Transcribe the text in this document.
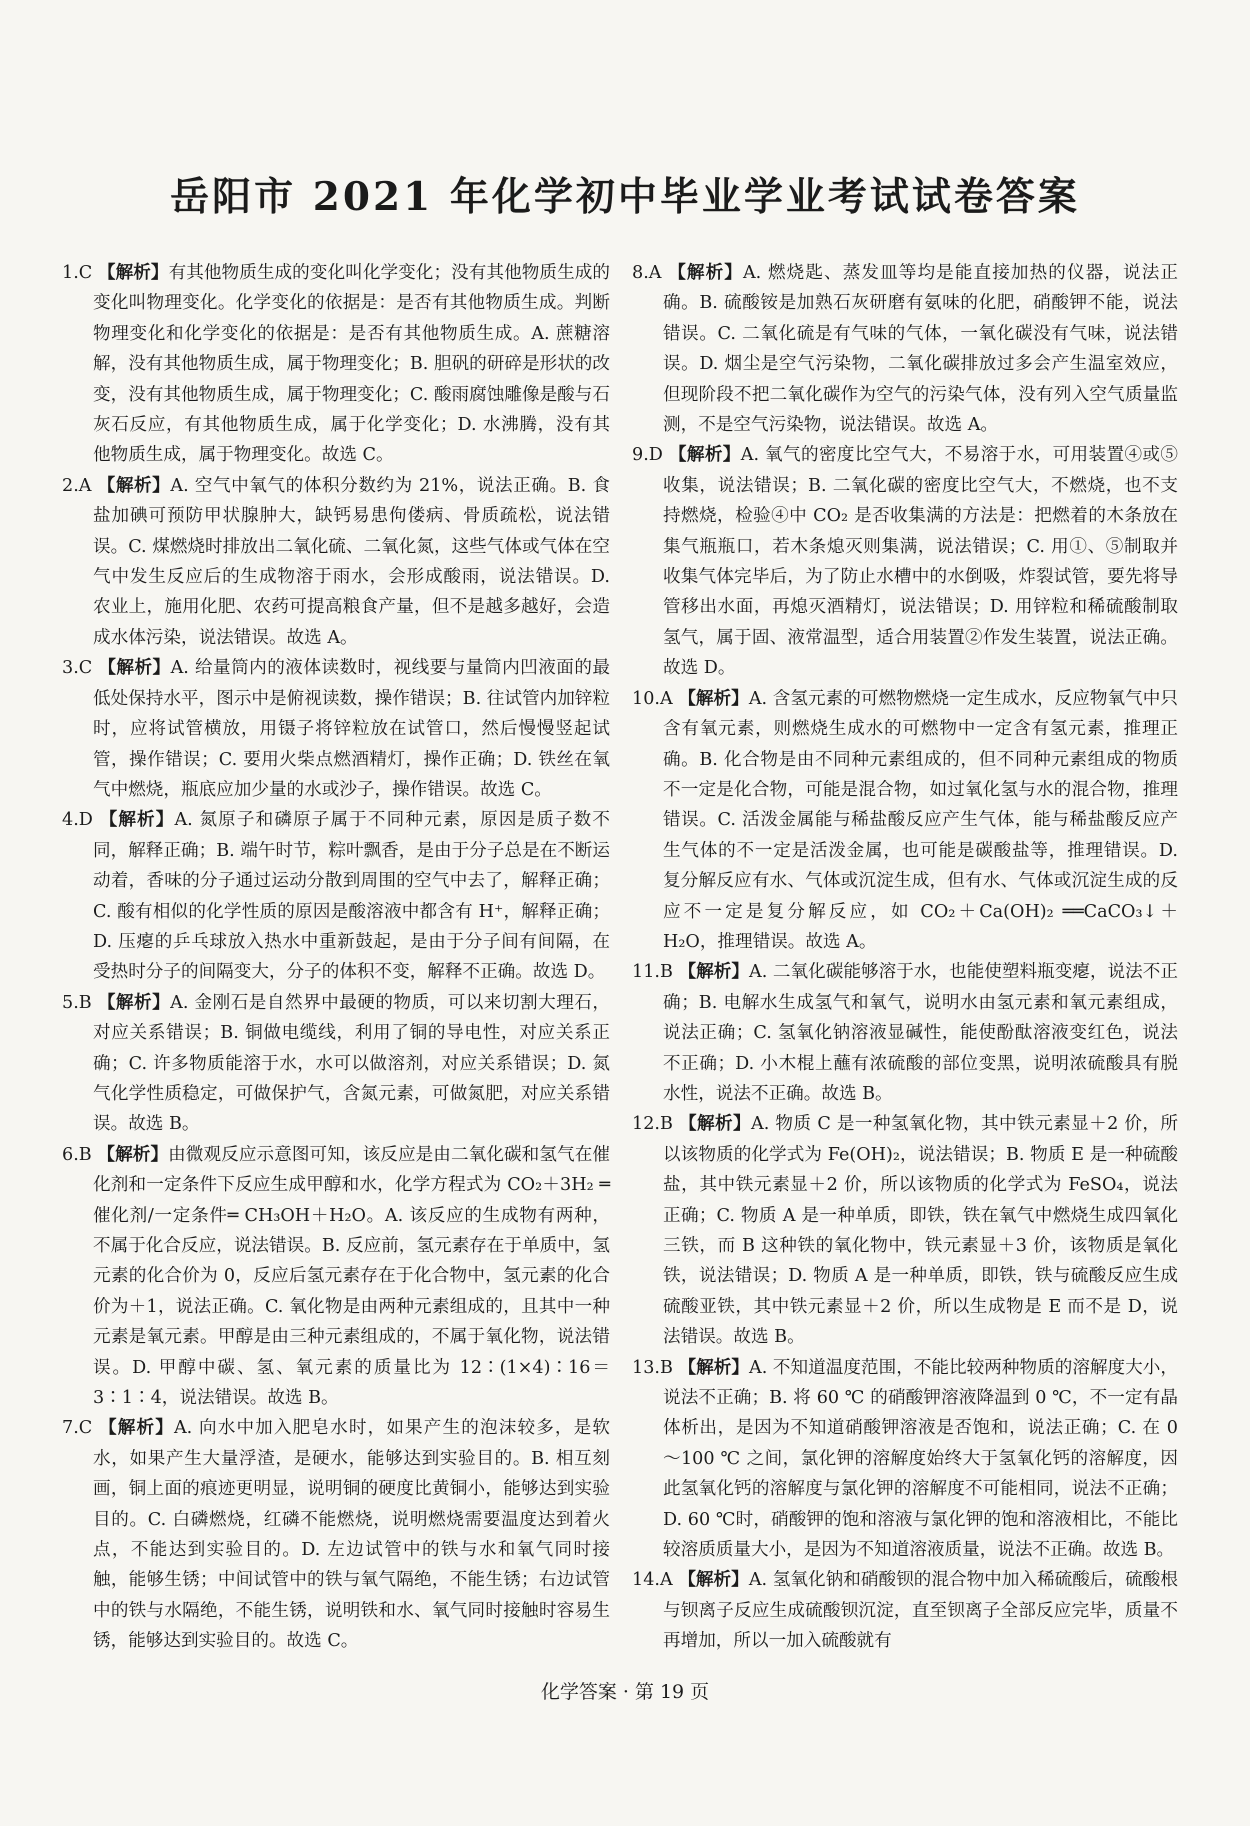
岳阳市 2021 年化学初中毕业学业考试试卷答案

1.C 【解析】有其他物质生成的变化叫化学变化；没有其他物质生成的变化叫物理变化。化学变化的依据是：是否有其他物质生成。判断物理变化和化学变化的依据是：是否有其他物质生成。A. 蔗糖溶解，没有其他物质生成，属于物理变化；B. 胆矾的研碎是形状的改变，没有其他物质生成，属于物理变化；C. 酸雨腐蚀雕像是酸与石灰石反应，有其他物质生成，属于化学变化；D. 水沸腾，没有其他物质生成，属于物理变化。故选 C。

2.A 【解析】A. 空气中氧气的体积分数约为 21%，说法正确。B. 食盐加碘可预防甲状腺肿大，缺钙易患佝偻病、骨质疏松，说法错误。C. 煤燃烧时排放出二氧化硫、二氧化氮，这些气体或气体在空气中发生反应后的生成物溶于雨水，会形成酸雨，说法错误。D. 农业上，施用化肥、农药可提高粮食产量，但不是越多越好，会造成水体污染，说法错误。故选 A。

3.C 【解析】A. 给量筒内的液体读数时，视线要与量筒内凹液面的最低处保持水平，图示中是俯视读数，操作错误；B. 往试管内加锌粒时，应将试管横放，用镊子将锌粒放在试管口，然后慢慢竖起试管，操作错误；C. 要用火柴点燃酒精灯，操作正确；D. 铁丝在氧气中燃烧，瓶底应加少量的水或沙子，操作错误。故选 C。

4.D 【解析】A. 氮原子和磷原子属于不同种元素，原因是质子数不同，解释正确；B. 端午时节，粽叶飘香，是由于分子总是在不断运动着，香味的分子通过运动分散到周围的空气中去了，解释正确；C. 酸有相似的化学性质的原因是酸溶液中都含有 H⁺，解释正确；D. 压瘪的乒乓球放入热水中重新鼓起，是由于分子间有间隔，在受热时分子的间隔变大，分子的体积不变，解释不正确。故选 D。

5.B 【解析】A. 金刚石是自然界中最硬的物质，可以来切割大理石，对应关系错误；B. 铜做电缆线，利用了铜的导电性，对应关系正确；C. 许多物质能溶于水，水可以做溶剂，对应关系错误；D. 氮气化学性质稳定，可做保护气，含氮元素，可做氮肥，对应关系错误。故选 B。

6.B 【解析】由微观反应示意图可知，该反应是由二氧化碳和氢气在催化剂和一定条件下反应生成甲醇和水，化学方程式为 CO₂＋3H₂ ═催化剂/一定条件═ CH₃OH＋H₂O。A. 该反应的生成物有两种，不属于化合反应，说法错误。B. 反应前，氢元素存在于单质中，氢元素的化合价为 0，反应后氢元素存在于化合物中，氢元素的化合价为＋1，说法正确。C. 氧化物是由两种元素组成的，且其中一种元素是氧元素。甲醇是由三种元素组成的，不属于氧化物，说法错误。D. 甲醇中碳、氢、氧元素的质量比为 12∶(1×4)∶16＝3∶1∶4，说法错误。故选 B。

7.C 【解析】A. 向水中加入肥皂水时，如果产生的泡沫较多，是软水，如果产生大量浮渣，是硬水，能够达到实验目的。B. 相互刻画，铜上面的痕迹更明显，说明铜的硬度比黄铜小，能够达到实验目的。C. 白磷燃烧，红磷不能燃烧，说明燃烧需要温度达到着火点，不能达到实验目的。D. 左边试管中的铁与水和氧气同时接触，能够生锈；中间试管中的铁与氧气隔绝，不能生锈；右边试管中的铁与水隔绝，不能生锈，说明铁和水、氧气同时接触时容易生锈，能够达到实验目的。故选 C。

8.A 【解析】A. 燃烧匙、蒸发皿等均是能直接加热的仪器，说法正确。B. 硫酸铵是加熟石灰研磨有氨味的化肥，硝酸钾不能，说法错误。C. 二氧化硫是有气味的气体，一氧化碳没有气味，说法错误。D. 烟尘是空气污染物，二氧化碳排放过多会产生温室效应，但现阶段不把二氧化碳作为空气的污染气体，没有列入空气质量监测，不是空气污染物，说法错误。故选 A。

9.D 【解析】A. 氧气的密度比空气大，不易溶于水，可用装置④或⑤收集，说法错误；B. 二氧化碳的密度比空气大，不燃烧，也不支持燃烧，检验④中 CO₂ 是否收集满的方法是：把燃着的木条放在集气瓶瓶口，若木条熄灭则集满，说法错误；C. 用①、⑤制取并收集气体完毕后，为了防止水槽中的水倒吸，炸裂试管，要先将导管移出水面，再熄灭酒精灯，说法错误；D. 用锌粒和稀硫酸制取氢气，属于固、液常温型，适合用装置②作发生装置，说法正确。故选 D。

10.A 【解析】A. 含氢元素的可燃物燃烧一定生成水，反应物氧气中只含有氧元素，则燃烧生成水的可燃物中一定含有氢元素，推理正确。B. 化合物是由不同种元素组成的，但不同种元素组成的物质不一定是化合物，可能是混合物，如过氧化氢与水的混合物，推理错误。C. 活泼金属能与稀盐酸反应产生气体，能与稀盐酸反应产生气体的不一定是活泼金属，也可能是碳酸盐等，推理错误。D. 复分解反应有水、气体或沉淀生成，但有水、气体或沉淀生成的反应不一定是复分解反应，如 CO₂＋Ca(OH)₂ ══CaCO₃↓＋H₂O，推理错误。故选 A。

11.B 【解析】A. 二氧化碳能够溶于水，也能使塑料瓶变瘪，说法不正确；B. 电解水生成氢气和氧气，说明水由氢元素和氧元素组成，说法正确；C. 氢氧化钠溶液显碱性，能使酚酞溶液变红色，说法不正确；D. 小木棍上蘸有浓硫酸的部位变黑，说明浓硫酸具有脱水性，说法不正确。故选 B。

12.B 【解析】A. 物质 C 是一种氢氧化物，其中铁元素显＋2 价，所以该物质的化学式为 Fe(OH)₂，说法错误；B. 物质 E 是一种硫酸盐，其中铁元素显＋2 价，所以该物质的化学式为 FeSO₄，说法正确；C. 物质 A 是一种单质，即铁，铁在氧气中燃烧生成四氧化三铁，而 B 这种铁的氧化物中，铁元素显＋3 价，该物质是氧化铁，说法错误；D. 物质 A 是一种单质，即铁，铁与硫酸反应生成硫酸亚铁，其中铁元素显＋2 价，所以生成物是 E 而不是 D，说法错误。故选 B。

13.B 【解析】A. 不知道温度范围，不能比较两种物质的溶解度大小，说法不正确；B. 将 60 ℃ 的硝酸钾溶液降温到 0 ℃，不一定有晶体析出，是因为不知道硝酸钾溶液是否饱和，说法正确；C. 在 0～100 ℃ 之间，氯化钾的溶解度始终大于氢氧化钙的溶解度，因此氢氧化钙的溶解度与氯化钾的溶解度不可能相同，说法不正确；D. 60 ℃时，硝酸钾的饱和溶液与氯化钾的饱和溶液相比，不能比较溶质质量大小，是因为不知道溶液质量，说法不正确。故选 B。

14.A 【解析】A. 氢氧化钠和硝酸钡的混合物中加入稀硫酸后，硫酸根与钡离子反应生成硫酸钡沉淀，直至钡离子全部反应完毕，质量不再增加，所以一加入硫酸就有

化学答案 · 第 19 页
